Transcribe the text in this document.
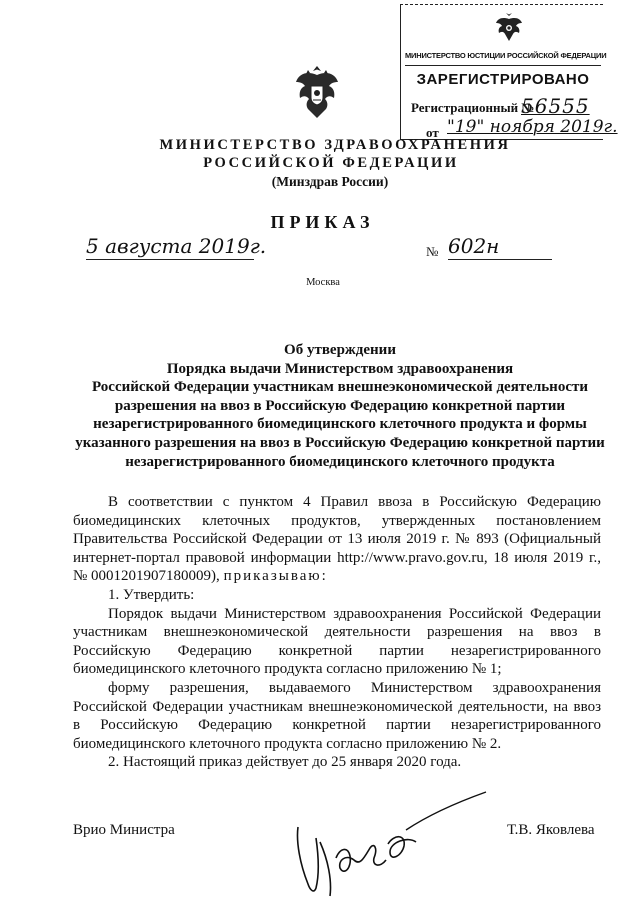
МИНИСТЕРСТВО ЮСТИЦИИ РОССИЙСКОЙ ФЕДЕРАЦИИ
ЗАРЕГИСТРИРОВАНО
Регистрационный №
56555
от "19" ноября 2019г.
МИНИСТЕРСТВО ЗДРАВООХРАНЕНИЯ
РОССИЙСКОЙ ФЕДЕРАЦИИ
(Минздрав России)
ПРИКАЗ
5 августа 2019г.	№ 602н
Москва
Об утверждении
Порядка выдачи Министерством здравоохранения
Российской Федерации участникам внешнеэкономической деятельности
разрешения на ввоз в Российскую Федерацию конкретной партии
незарегистрированного биомедицинского клеточного продукта и формы
указанного разрешения на ввоз в Российскую Федерацию конкретной партии
незарегистрированного биомедицинского клеточного продукта

В соответствии с пунктом 4 Правил ввоза в Российскую Федерацию биомедицинских клеточных продуктов, утвержденных постановлением Правительства Российской Федерации от 13 июля 2019 г. № 893 (Официальный интернет-портал правовой информации http://www.pravo.gov.ru, 18 июля 2019 г., № 0001201907180009), приказываю:

1. Утвердить:

Порядок выдачи Министерством здравоохранения Российской Федерации участникам внешнеэкономической деятельности разрешения на ввоз в Российскую Федерацию конкретной партии незарегистрированного биомедицинского клеточного продукта согласно приложению № 1;

форму разрешения, выдаваемого Министерством здравоохранения Российской Федерации участникам внешнеэкономической деятельности, на ввоз в Российскую Федерацию конкретной партии незарегистрированного биомедицинского клеточного продукта согласно приложению № 2.

2. Настоящий приказ действует до 25 января 2020 года.

Врио Министра	Т.В. Яковлева
